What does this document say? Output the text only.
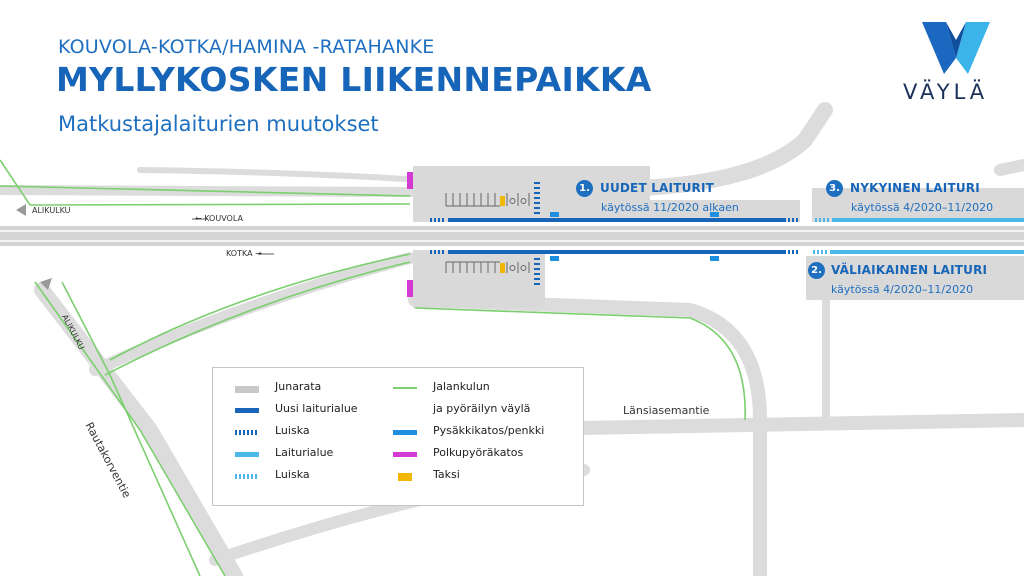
KOUVOLA-KOTKA/HAMINA -RATAHANKE
MYLLYKOSKEN LIIKENNEPAIKKA
Matkustajalaiturien muutokset
VÄYLÄ
1. UUDET LAITURIT
käytössä 11/2020 alkaen
3. NYKYINEN LAITURI
käytössä 4/2020–11/2020
2. VÄLIAIKAINEN LAITURI
käytössä 4/2020–11/2020
ALIKULKU
← KOUVOLA
KOTKA →
ALIKULKU
Länsiasemantie
Rautakorventie
Junarata
Uusi laiturialue
Luiska
Laiturialue
Luiska
Jalankulun
ja pyöräilyn väylä
Pysäkkikatos/penkki
Polkupyöräkatos
Taksi
